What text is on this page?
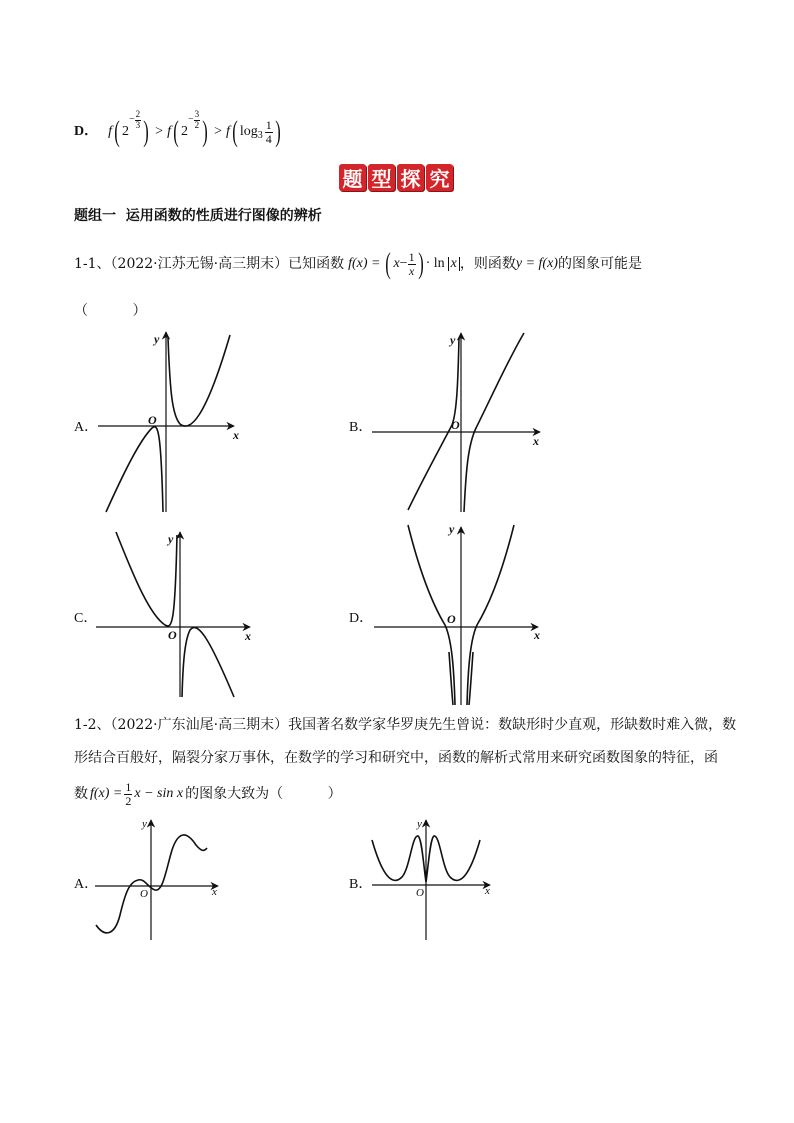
D． f ( 2
− $\frac{2}{3}$ ) > f ( 2
− $\frac{3}{2}$ ) > f ( $\log 3 \frac{1}{4}$ )
题 型 探 究
题组一  运用函数的性质进行图像的辨析
1-1、（2022·江苏无锡·高三期末）已知函数 f(x) = ( $x - \frac{1}{x}$ ) · ln x ，则函数 y = f(x) 的图象可能是
（          ）
A．	B．
C．	D．
y
x
O
y
x
O
y
x
O
y
x
O
1-2、（2022·广东汕尾·高三期末）我国著名数学家华罗庚先生曾说：数缺形时少直观，形缺数时难入微，数
形结合百般好，隔裂分家万事休，在数学的学习和研究中，函数的解析式常用来研究函数图象的特征，函
数 $f(x) = \frac{1}{2}$ x − sin x 的图象大致为（          ）
A．	B．
y
x
O
y
x
O
